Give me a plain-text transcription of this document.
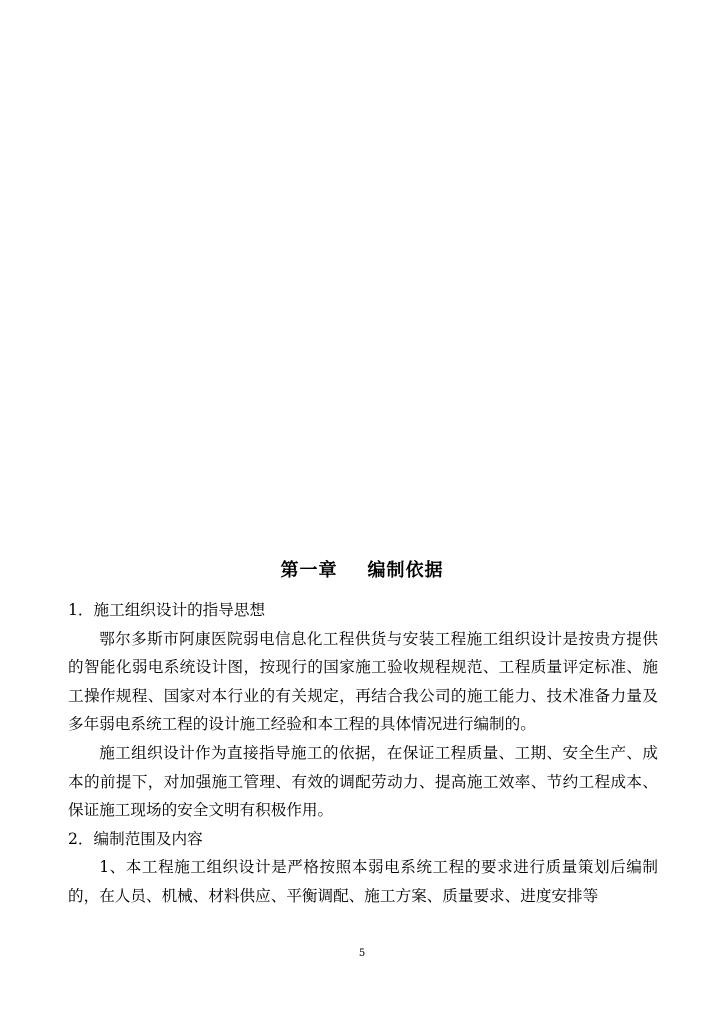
第一章 编制依据

1．施工组织设计的指导思想

鄂尔多斯市阿康医院弱电信息化工程供货与安装工程施工组织设计是按贵方提供的智能化弱电系统设计图，按现行的国家施工验收规程规范、工程质量评定标准、施工操作规程、国家对本行业的有关规定，再结合我公司的施工能力、技术准备力量及多年弱电系统工程的设计施工经验和本工程的具体情况进行编制的。

施工组织设计作为直接指导施工的依据，在保证工程质量、工期、安全生产、成本的前提下，对加强施工管理、有效的调配劳动力、提高施工效率、节约工程成本、保证施工现场的安全文明有积极作用。

2．编制范围及内容

1、本工程施工组织设计是严格按照本弱电系统工程的要求进行质量策划后编制的，在人员、机械、材料供应、平衡调配、施工方案、质量要求、进度安排等

5
